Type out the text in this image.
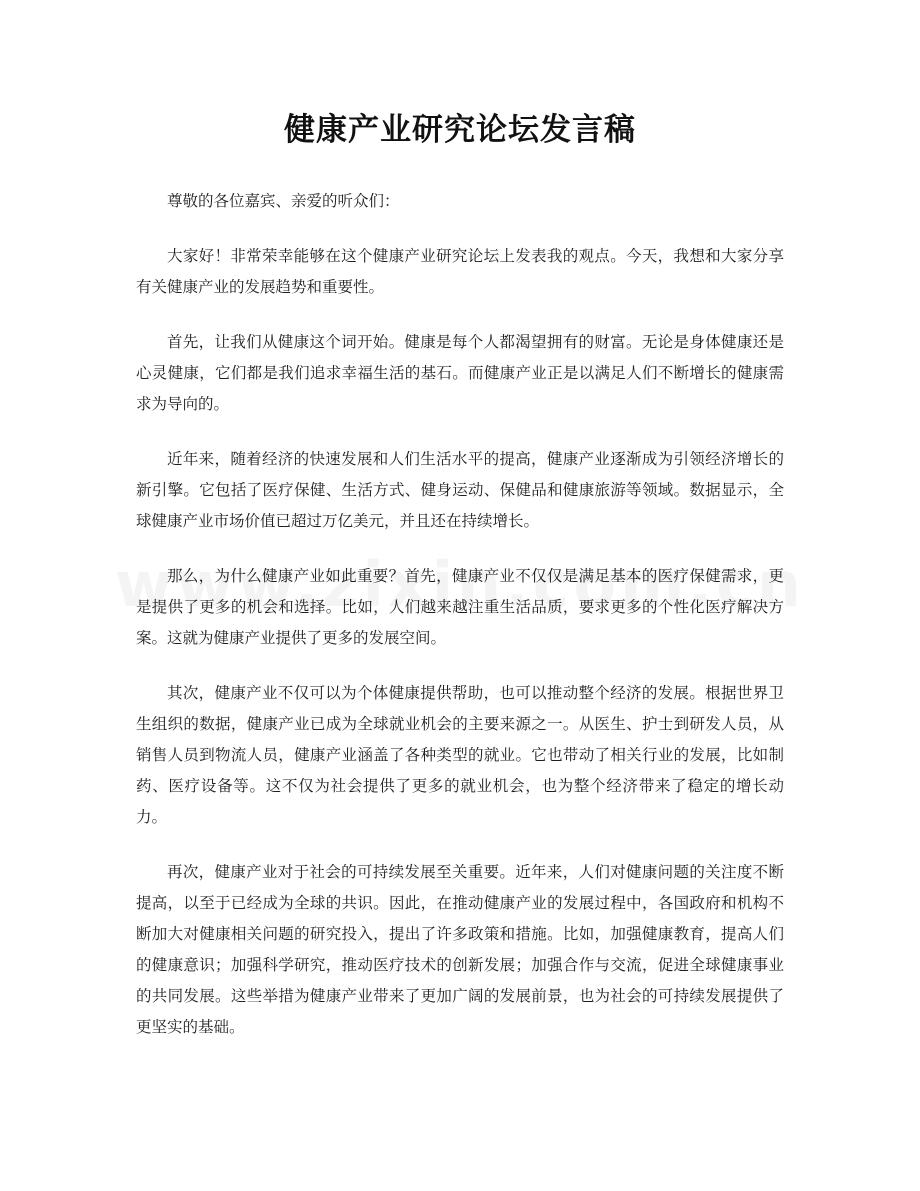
健康产业研究论坛发言稿

尊敬的各位嘉宾、亲爱的听众们：

大家好！非常荣幸能够在这个健康产业研究论坛上发表我的观点。今天，我想和大家分享有关健康产业的发展趋势和重要性。

首先，让我们从健康这个词开始。健康是每个人都渴望拥有的财富。无论是身体健康还是心灵健康，它们都是我们追求幸福生活的基石。而健康产业正是以满足人们不断增长的健康需求为导向的。

近年来，随着经济的快速发展和人们生活水平的提高，健康产业逐渐成为引领经济增长的新引擎。它包括了医疗保健、生活方式、健身运动、保健品和健康旅游等领域。数据显示，全球健康产业市场价值已超过万亿美元，并且还在持续增长。

那么，为什么健康产业如此重要？首先，健康产业不仅仅是满足基本的医疗保健需求，更是提供了更多的机会和选择。比如，人们越来越注重生活品质，要求更多的个性化医疗解决方案。这就为健康产业提供了更多的发展空间。

其次，健康产业不仅可以为个体健康提供帮助，也可以推动整个经济的发展。根据世界卫生组织的数据，健康产业已成为全球就业机会的主要来源之一。从医生、护士到研发人员，从销售人员到物流人员，健康产业涵盖了各种类型的就业。它也带动了相关行业的发展，比如制药、医疗设备等。这不仅为社会提供了更多的就业机会，也为整个经济带来了稳定的增长动力。

再次，健康产业对于社会的可持续发展至关重要。近年来，人们对健康问题的关注度不断提高，以至于已经成为全球的共识。因此，在推动健康产业的发展过程中，各国政府和机构不断加大对健康相关问题的研究投入，提出了许多政策和措施。比如，加强健康教育，提高人们的健康意识；加强科学研究，推动医疗技术的创新发展；加强合作与交流，促进全球健康事业的共同发展。这些举措为健康产业带来了更加广阔的发展前景，也为社会的可持续发展提供了更坚实的基础。
